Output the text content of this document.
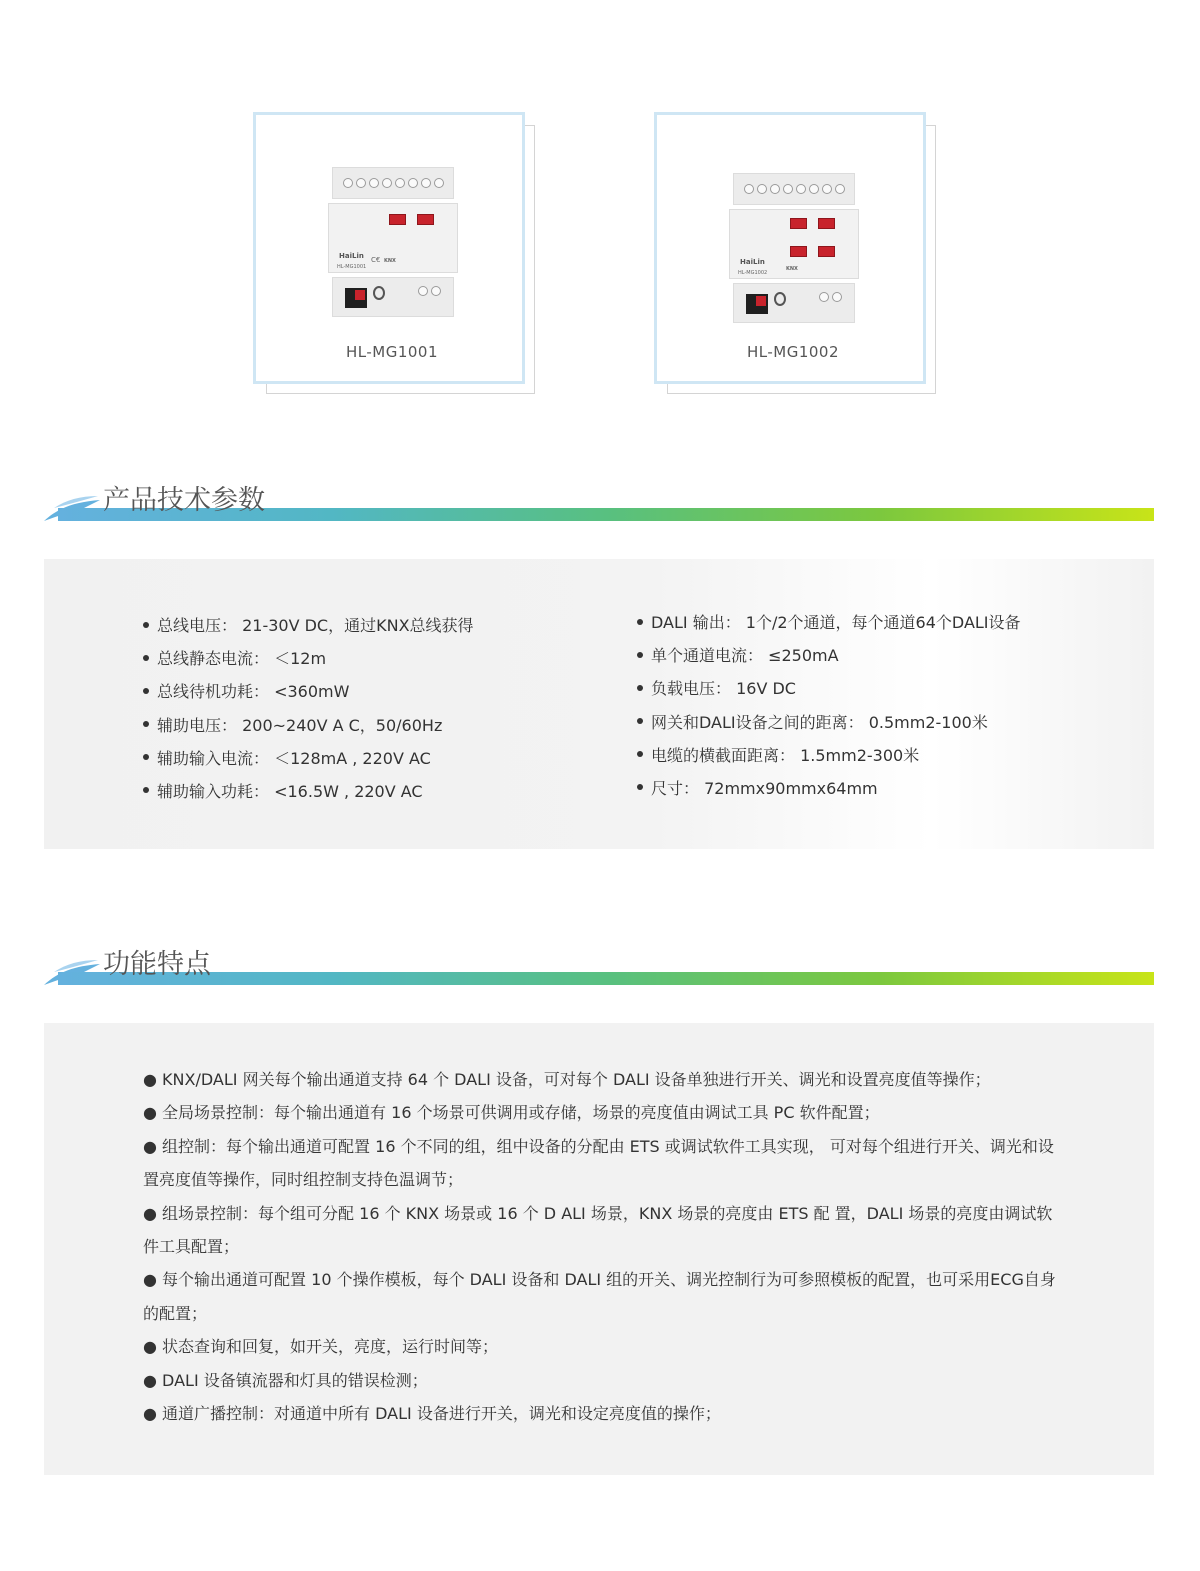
HaiLin
HL-MG1001
C€ KNX
HL-MG1001
HaiLin
HL-MG1002
KNX
HL-MG1002
产品技术参数
总线电压： 21-30V DC，通过KNX总线获得
总线静态电流： ＜12m
总线待机功耗： <360mW
辅助电压： 200~240V A C，50/60Hz
辅助输入电流： ＜128mA , 220V AC
辅助输入功耗： <16.5W , 220V AC
DALI 输出： 1个/2个通道，每个通道64个DALI设备
单个通道电流： ≤250mA
负载电压： 16V DC
网关和DALI设备之间的距离： 0.5mm2-100米
电缆的横截面距离： 1.5mm2-300米
尺寸： 72mmx90mmx64mm
功能特点
● KNX/DALI 网关每个输出通道支持 64 个 DALI 设备，可对每个 DALI 设备单独进行开关、调光和设置亮度值等操作；
● 全局场景控制：每个输出通道有 16 个场景可供调用或存储，场景的亮度值由调试工具 PC 软件配置；
● 组控制：每个输出通道可配置 16 个不同的组，组中设备的分配由 ETS 或调试软件工具实现， 可对每个组进行开关、调光和设置亮度值等操作，同时组控制支持色温调节；
● 组场景控制：每个组可分配 16 个 KNX 场景或 16 个 D ALI 场景，KNX 场景的亮度由 ETS 配 置，DALI 场景的亮度由调试软件工具配置；
● 每个输出通道可配置 10 个操作模板，每个 DALI 设备和 DALI 组的开关、调光控制行为可参照模板的配置，也可采用ECG自身的配置；
● 状态查询和回复，如开关，亮度，运行时间等；
● DALI 设备镇流器和灯具的错误检测；
● 通道广播控制：对通道中所有 DALI 设备进行开关，调光和设定亮度值的操作；
